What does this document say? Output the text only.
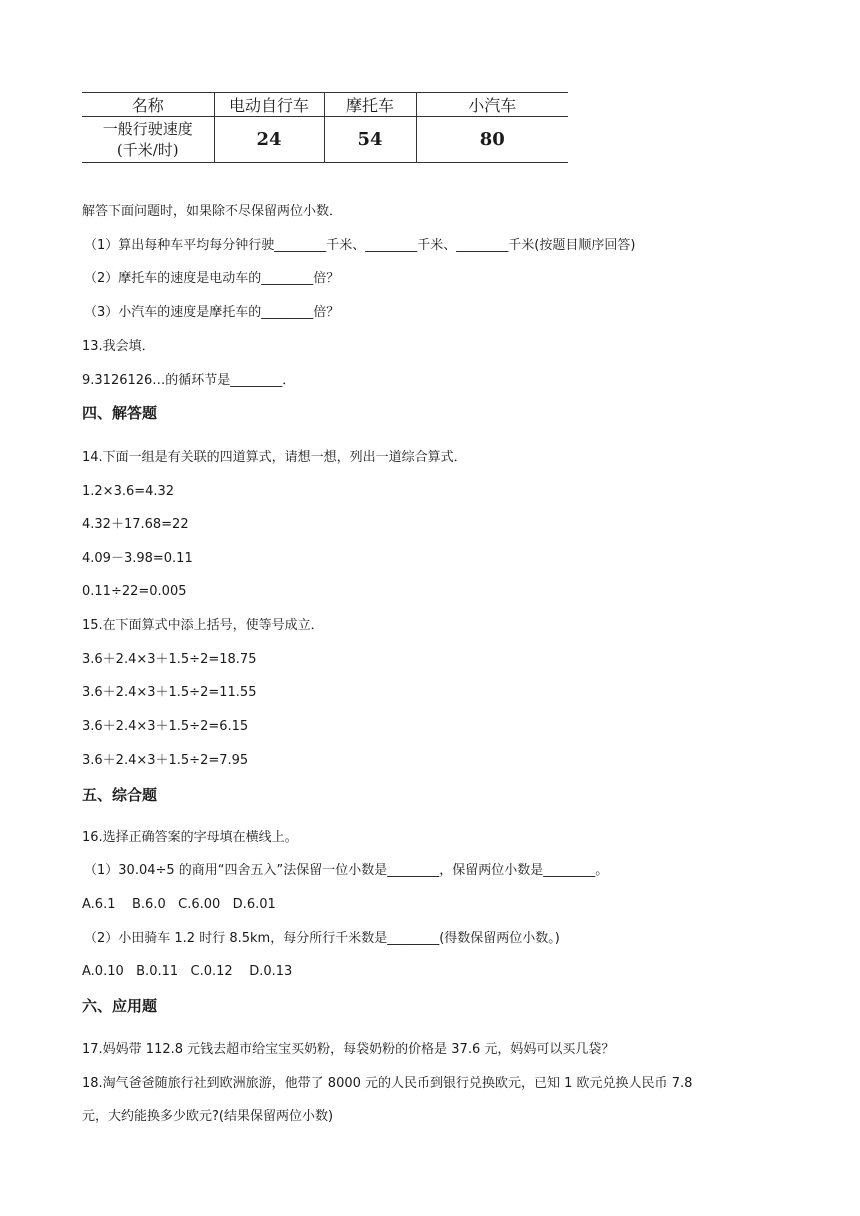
名称	电动自行车	摩托车	小汽车

一般行驶速度
(千米/时)	24	54	80
解答下面问题时，如果除不尽保留两位小数．
（1）算出每种车平均每分钟行驶________千米、________千米、________千米(按题目顺序回答)
（2）摩托车的速度是电动车的________倍？
（3）小汽车的速度是摩托车的________倍？
13.我会填．
9.3126126…的循环节是________．
四、解答题
14.下面一组是有关联的四道算式，请想一想，列出一道综合算式．
1.2×3.6=4.32
4.32＋17.68=22
4.09－3.98=0.11
0.11÷22=0.005
15.在下面算式中添上括号，使等号成立．
3.6＋2.4×3＋1.5÷2=18.75
3.6＋2.4×3＋1.5÷2=11.55
3.6＋2.4×3＋1.5÷2=6.15
3.6＋2.4×3＋1.5÷2=7.95
五、综合题
16.选择正确答案的字母填在横线上。
（1）30.04÷5 的商用“四舍五入”法保留一位小数是________，保留两位小数是________。
A.6.1    B.6.0   C.6.00   D.6.01
（2）小田骑车 1.2 时行 8.5km，每分所行千米数是________(得数保留两位小数。)
A.0.10   B.0.11   C.0.12    D.0.13
六、应用题
17.妈妈带 112.8 元钱去超市给宝宝买奶粉，每袋奶粉的价格是 37.6 元，妈妈可以买几袋？
18.淘气爸爸随旅行社到欧洲旅游，他带了 8000 元的人民币到银行兑换欧元，已知 1 欧元兑换人民币 7.8
元，大约能换多少欧元?(结果保留两位小数)
